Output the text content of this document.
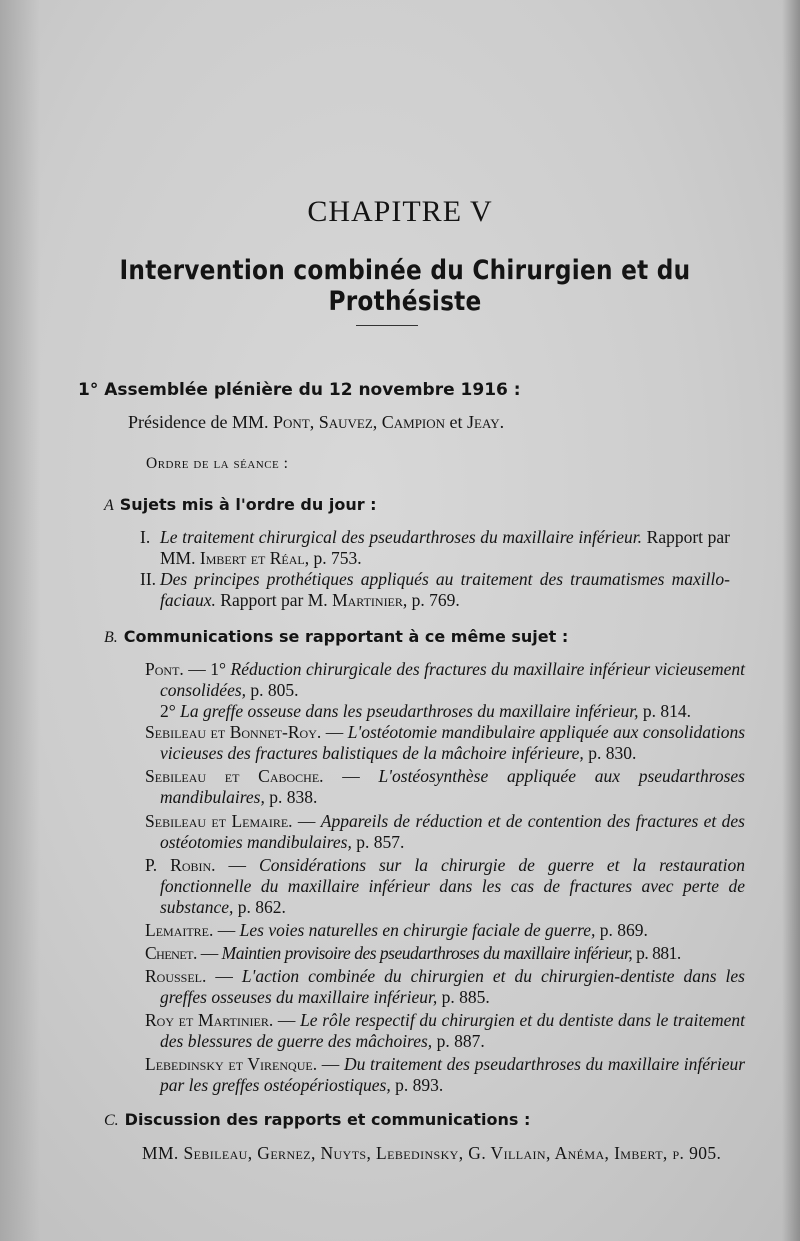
CHAPITRE V
Intervention combinée du Chirurgien et du Prothésiste
1° Assemblée plénière du 12 novembre 1916 :
Présidence de MM. Pont, Sauvez, Campion et Jeay.
Ordre de la séance :
A Sujets mis à l'ordre du jour :
I. Le traitement chirurgical des pseudarthroses du maxillaire inférieur. Rapport par MM. Imbert et Réal, p. 753.
II. Des principes prothétiques appliqués au traitement des traumatismes maxillo-faciaux. Rapport par M. Martinier, p. 769.
B. Communications se rapportant à ce même sujet :
Pont. — 1° Réduction chirurgicale des fractures du maxillaire inférieur vicieusement consolidées, p. 805.
2° La greffe osseuse dans les pseudarthroses du maxillaire inférieur, p. 814.
Sebileau et Bonnet-Roy. — L'ostéotomie mandibulaire appliquée aux consolidations vicieuses des fractures balistiques de la mâchoire inférieure, p. 830.
Sebileau et Caboche. — L'ostéosynthèse appliquée aux pseudarthroses mandibulaires, p. 838.
Sebileau et Lemaire. — Appareils de réduction et de contention des fractures et des ostéotomies mandibulaires, p. 857.
P. Robin. — Considérations sur la chirurgie de guerre et la restauration fonctionnelle du maxillaire inférieur dans les cas de fractures avec perte de substance, p. 862.
Lemaitre. — Les voies naturelles en chirurgie faciale de guerre, p. 869.
Chenet. — Maintien provisoire des pseudarthroses du maxillaire inférieur, p. 881.
Roussel. — L'action combinée du chirurgien et du chirurgien-dentiste dans les greffes osseuses du maxillaire inférieur, p. 885.
Roy et Martinier. — Le rôle respectif du chirurgien et du dentiste dans le traitement des blessures de guerre des mâchoires, p. 887.
Lebedinsky et Virenque. — Du traitement des pseudarthroses du maxillaire inférieur par les greffes ostéopériostiques, p. 893.
C. Discussion des rapports et communications :
MM. Sebileau, Gernez, Nuyts, Lebedinsky, G. Villain, Anéma, Imbert, p. 905.
